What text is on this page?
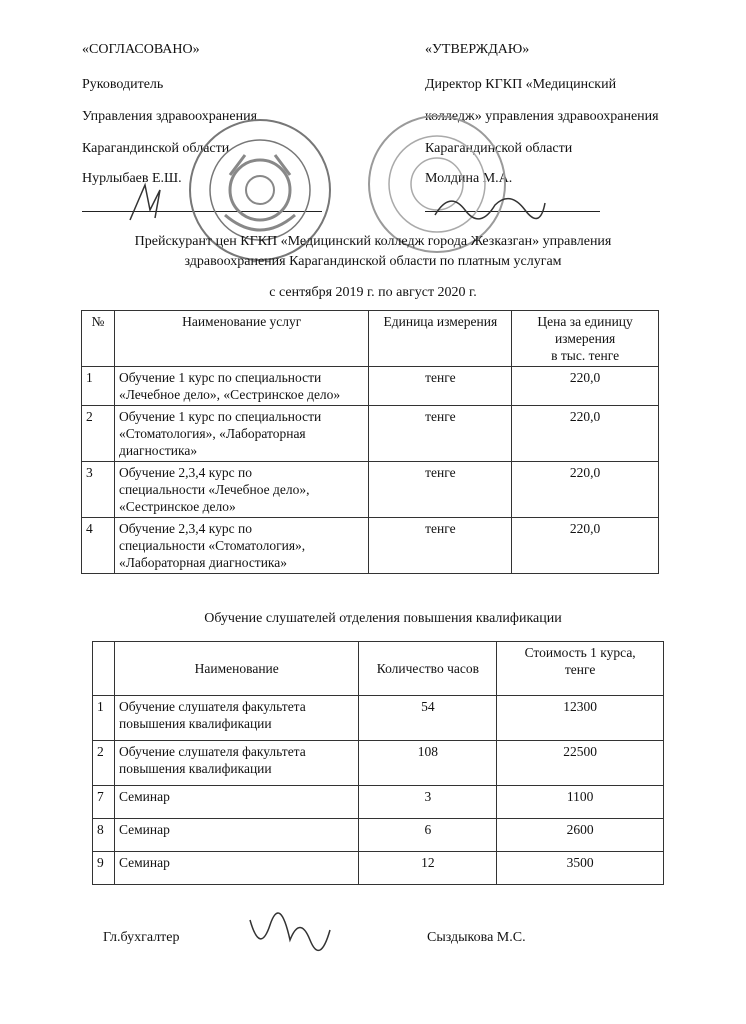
«СОГЛАСОВАНО»
Руководитель
Управления здравоохранения
Карагандинской области
Нурлыбаев Е.Ш.
«УТВЕРЖДАЮ»
Директор КГКП «Медицинский
колледж» управления здравоохранения
Карагандинской области
Молдина М.А.
Прейскурант цен КГКП «Медицинский колледж города Жезказган» управления
здравоохранения Карагандинской области по платным услугам
с сентября 2019 г. по август 2020 г.
№	Наименование услуг	Единица измерения	Цена за единицу
измерения
в тыс. тенге

1	Обучение 1 курс по специальности
«Лечебное дело», «Сестринское дело»	тенге	220,0
2	Обучение 1 курс по специальности
«Стоматология», «Лабораторная
диагностика»	тенге	220,0
3	Обучение 2,3,4 курс по
специальности «Лечебное дело»,
«Сестринское дело»	тенге	220,0
4	Обучение 2,3,4 курс по
специальности «Стоматология»,
«Лабораторная диагностика»	тенге	220,0
Обучение слушателей отделения повышения квалификации
	Наименование	Количество часов	Стоимость 1 курса,
тенге

1	Обучение слушателя факультета
повышения квалификации	54	12300
2	Обучение слушателя факультета
повышения квалификации	108	22500
7	Семинар	3	1100
8	Семинар	6	2600
9	Семинар	12	3500
Гл.бухгалтер	Сыздыкова М.С.
